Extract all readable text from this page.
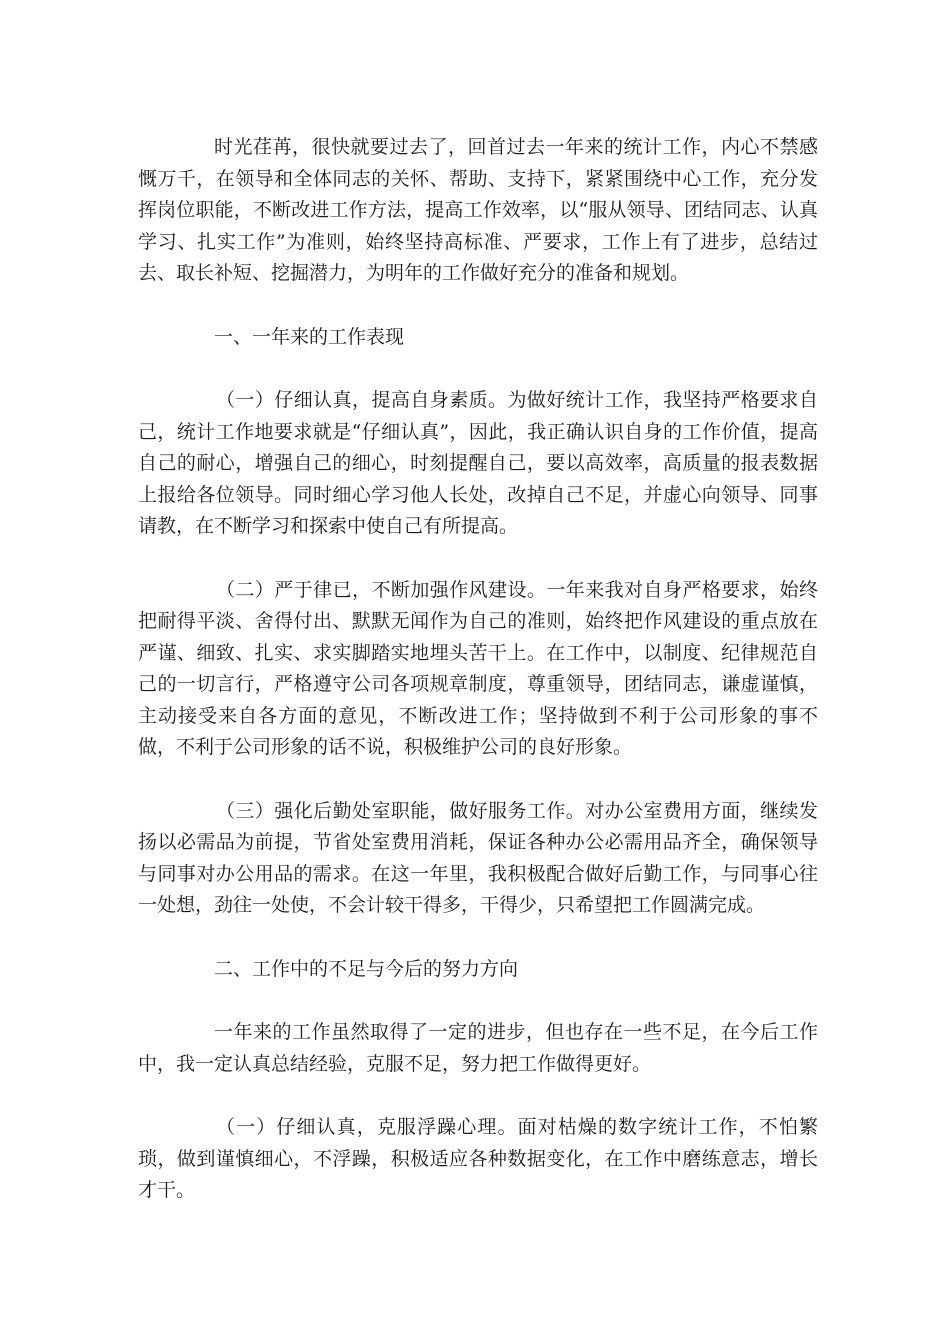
时光荏苒，很快就要过去了，回首过去一年来的统计工作，内心不禁感慨万千，在领导和全体同志的关怀、帮助、支持下，紧紧围绕中心工作，充分发挥岗位职能，不断改进工作方法，提高工作效率，以“服从领导、团结同志、认真学习、扎实工作”为准则，始终坚持高标准、严要求，工作上有了进步，总结过去、取长补短、挖掘潜力，为明年的工作做好充分的准备和规划。

一、一年来的工作表现

（一）仔细认真，提高自身素质。为做好统计工作，我坚持严格要求自己，统计工作地要求就是“仔细认真”，因此，我正确认识自身的工作价值，提高自己的耐心，增强自己的细心，时刻提醒自己，要以高效率，高质量的报表数据上报给各位领导。同时细心学习他人长处，改掉自己不足，并虚心向领导、同事请教，在不断学习和探索中使自己有所提高。

（二）严于律已，不断加强作风建设。一年来我对自身严格要求，始终把耐得平淡、舍得付出、默默无闻作为自己的准则，始终把作风建设的重点放在严谨、细致、扎实、求实脚踏实地埋头苦干上。在工作中，以制度、纪律规范自己的一切言行，严格遵守公司各项规章制度，尊重领导，团结同志，谦虚谨慎，主动接受来自各方面的意见，不断改进工作；坚持做到不利于公司形象的事不做，不利于公司形象的话不说，积极维护公司的良好形象。

（三）强化后勤处室职能，做好服务工作。对办公室费用方面，继续发扬以必需品为前提，节省处室费用消耗，保证各种办公必需用品齐全，确保领导与同事对办公用品的需求。在这一年里，我积极配合做好后勤工作，与同事心往一处想，劲往一处使，不会计较干得多，干得少，只希望把工作圆满完成。

二、工作中的不足与今后的努力方向

一年来的工作虽然取得了一定的进步，但也存在一些不足，在今后工作中，我一定认真总结经验，克服不足，努力把工作做得更好。

（一）仔细认真，克服浮躁心理。面对枯燥的数字统计工作，不怕繁琐，做到谨慎细心，不浮躁，积极适应各种数据变化，在工作中磨练意志，增长才干。
